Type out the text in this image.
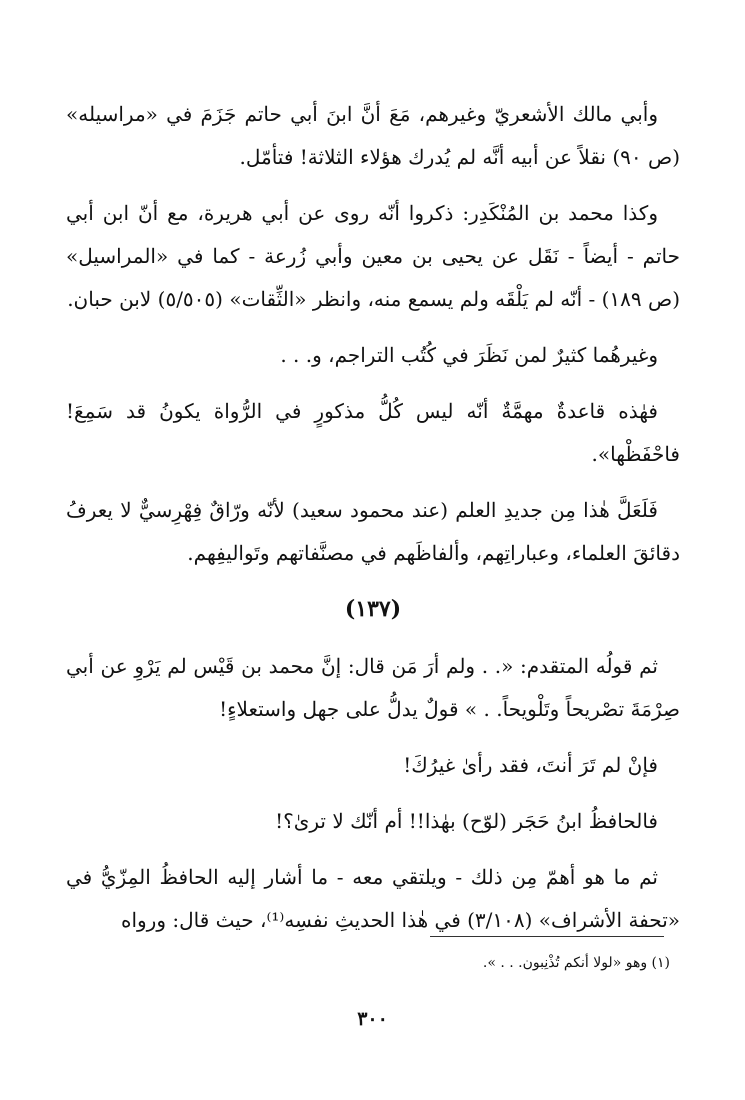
وأبي مالك الأشعريّ وغيرهم، مَعَ أنَّ ابنَ أبي حاتم جَزَمَ في «مراسيله» (ص ٩٠) نقلاً عن أبيه أنَّه لم يُدرك هؤلاء الثلاثة! فتأمّل.

وكذا محمد بن المُنْكَدِر: ذكروا أنّه روى عن أبي هريرة، مع أنّ ابن أبي حاتم - أيضاً - نَقَل عن يحيى بن معين وأبي زُرعة - كما في «المراسيل» (ص ١٨٩) - أنّه لم يَلْقَه ولم يسمع منه، وانظر «الثِّقات» (٥/٥٠٥) لابن حبان.

وغيرهُما كثيرٌ لمن نَظَرَ في كُتُب التراجم، و. . .

فهٰذه قاعدةٌ مهمَّةٌ أنّه ليس كُلُّ مذكورٍ في الرُّواة يكونُ قد سَمِعَ! فاحْفَظْها».

فَلَعَلَّ هٰذا مِن جديدِ العلم (عند محمود سعيد) لأنّه ورّاقٌ فِهْرِسيٌّ لا يعرفُ دقائقَ العلماء، وعباراتِهم، وألفاظَهم في مصنَّفاتهم وتَواليفِهم.

(١٣٧)

ثم قولُه المتقدم: «. . ولم أرَ مَن قال: إنَّ محمد بن قَيْس لم يَرْوِ عن أبي صِرْمَةَ تصْريحاً وتَلْويحاً. . » قولٌ يدلُّ على جهل واستعلاءٍ!

فإنْ لم تَرَ أنتَ، فقد رأىٰ غيرُكَ!

فالحافظُ ابنُ حَجَر (لوّح) بهٰذا!! أم أنّك لا ترىٰ؟!

ثم ما هو أهمّ مِن ذلك - ويلتقي معه - ما أشار إليه الحافظُ المِزّيُّ في «تحفة الأشراف» (٣/١٠٨) في هٰذا الحديثِ نفسِه⁽¹⁾، حيث قال: ورواه

(١) وهو «لولا أنكم تُذْنِبون. . . ».
٣٠٠
